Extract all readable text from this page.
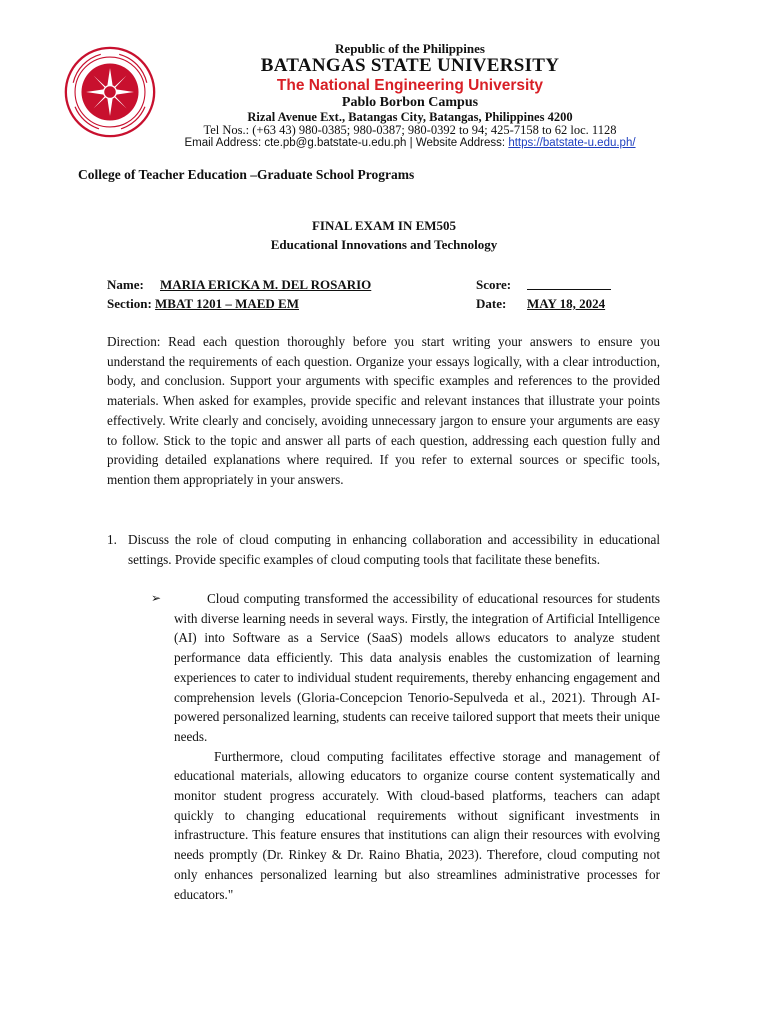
Republic of the Philippines
BATANGAS STATE UNIVERSITY
The National Engineering University
Pablo Borbon Campus
Rizal Avenue Ext., Batangas City, Batangas, Philippines 4200
Tel Nos.: (+63 43) 980-0385; 980-0387; 980-0392 to 94; 425-7158 to 62 loc. 1128
Email Address: cte.pb@g.batstate-u.edu.ph | Website Address: https://batstate-u.edu.ph/
College of Teacher Education –Graduate School Programs
FINAL EXAM IN EM505
Educational Innovations and Technology
Name: MARIA ERICKA M. DEL ROSARIO	Score:
Section: MBAT 1201 – MAED EM	Date: MAY 18, 2024
Direction: Read each question thoroughly before you start writing your answers to ensure you understand the requirements of each question. Organize your essays logically, with a clear introduction, body, and conclusion. Support your arguments with specific examples and references to the provided materials. When asked for examples, provide specific and relevant instances that illustrate your points effectively. Write clearly and concisely, avoiding unnecessary jargon to ensure your arguments are easy to follow. Stick to the topic and answer all parts of each question, addressing each question fully and providing detailed explanations where required. If you refer to external sources or specific tools, mention them appropriately in your answers.
1. Discuss the role of cloud computing in enhancing collaboration and accessibility in educational settings. Provide specific examples of cloud computing tools that facilitate these benefits.
➢	Cloud computing transformed the accessibility of educational resources for students with diverse learning needs in several ways. Firstly, the integration of Artificial Intelligence (AI) into Software as a Service (SaaS) models allows educators to analyze student performance data efficiently. This data analysis enables the customization of learning experiences to cater to individual student requirements, thereby enhancing engagement and comprehension levels (Gloria-Concepcion Tenorio-Sepulveda et al., 2021). Through AI-powered personalized learning, students can receive tailored support that meets their unique needs.

Furthermore, cloud computing facilitates effective storage and management of educational materials, allowing educators to organize course content systematically and monitor student progress accurately. With cloud-based platforms, teachers can adapt quickly to changing educational requirements without significant investments in infrastructure. This feature ensures that institutions can align their resources with evolving needs promptly (Dr. Rinkey & Dr. Raino Bhatia, 2023). Therefore, cloud computing not only enhances personalized learning but also streamlines administrative processes for educators."
